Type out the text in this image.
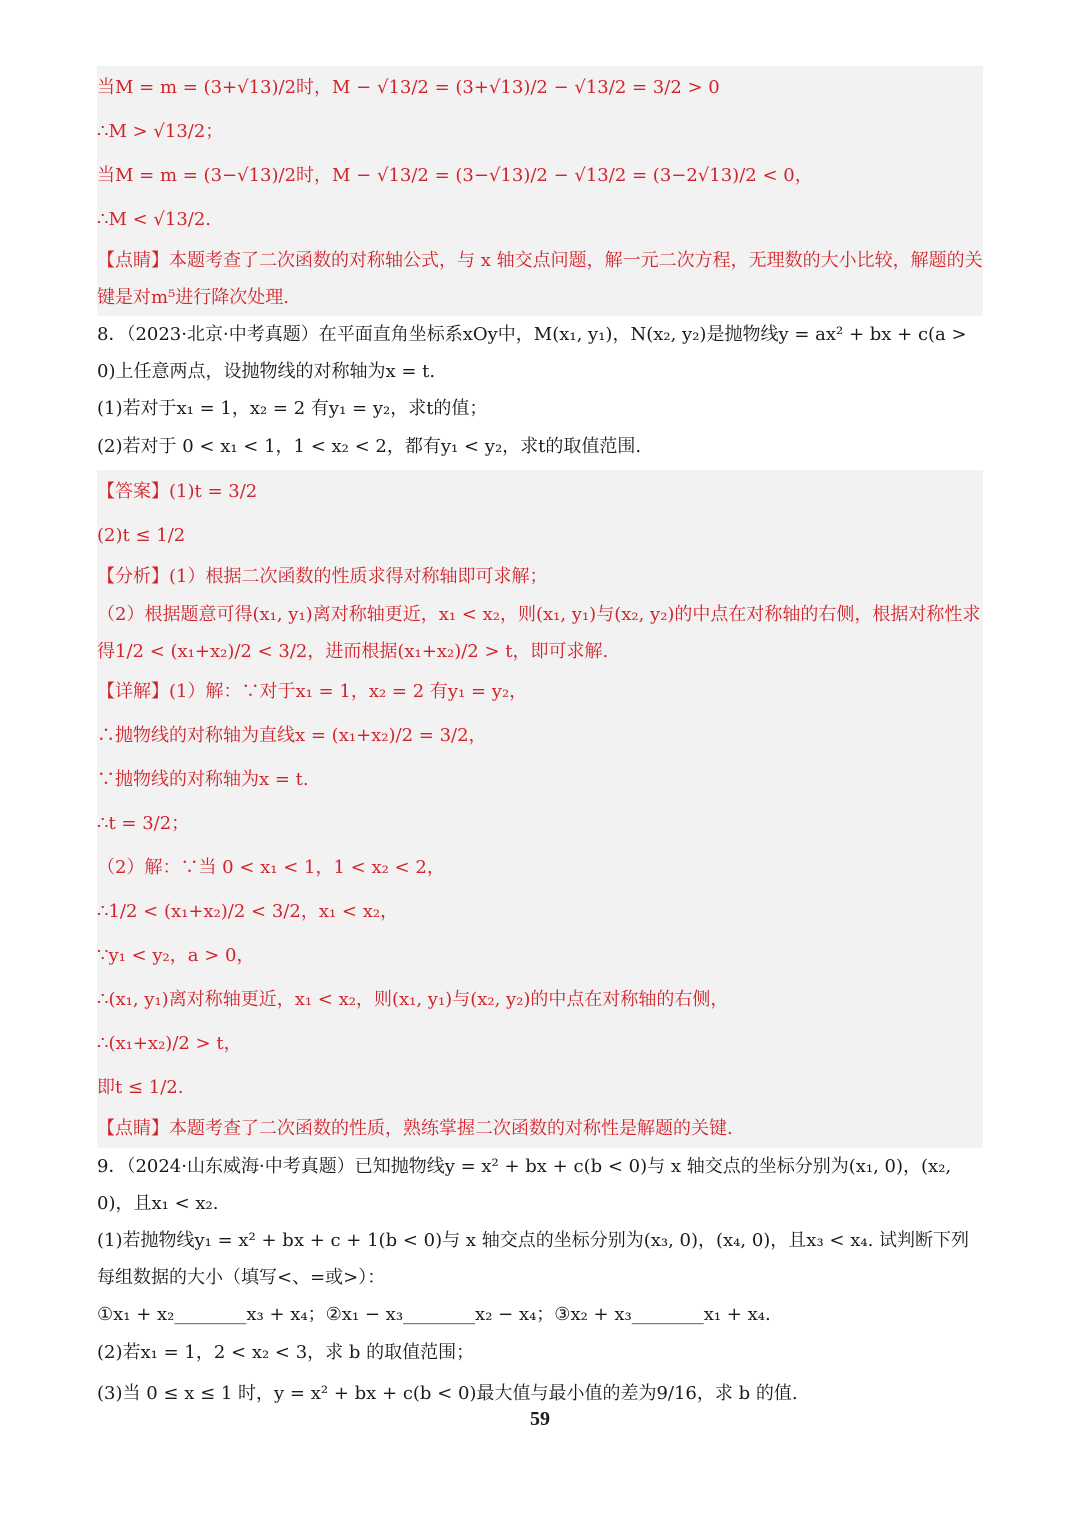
当M = m = (3+√13)/2时，M − √13/2 = (3+√13)/2 − √13/2 = 3/2 > 0
∴M > √13/2；
当M = m = (3−√13)/2时，M − √13/2 = (3−√13)/2 − √13/2 = (3−2√13)/2 < 0，
∴M < √13/2.
【点睛】本题考查了二次函数的对称轴公式，与 x 轴交点问题，解一元二次方程，无理数的大小比较，解题的关键是对m⁵进行降次处理.
8．（2023·北京·中考真题）在平面直角坐标系xOy中，M(x₁, y₁)，N(x₂, y₂)是抛物线y = ax² + bx + c(a > 0)上任意两点，设抛物线的对称轴为x = t.
(1)若对于x₁ = 1，x₂ = 2 有y₁ = y₂，求t的值；
(2)若对于 0 < x₁ < 1，1 < x₂ < 2，都有y₁ < y₂，求t的取值范围.
【答案】(1)t = 3/2
(2)t ≤ 1/2
【分析】(1）根据二次函数的性质求得对称轴即可求解；
（2）根据题意可得(x₁, y₁)离对称轴更近，x₁ < x₂，则(x₁, y₁)与(x₂, y₂)的中点在对称轴的右侧，根据对称性求得1/2 < (x₁+x₂)/2 < 3/2，进而根据(x₁+x₂)/2 > t，即可求解.
【详解】(1）解：∵对于x₁ = 1，x₂ = 2 有y₁ = y₂，
∴抛物线的对称轴为直线x = (x₁+x₂)/2 = 3/2，
∵抛物线的对称轴为x = t.
∴t = 3/2；
（2）解：∵当 0 < x₁ < 1，1 < x₂ < 2，
∴1/2 < (x₁+x₂)/2 < 3/2，x₁ < x₂，
∵y₁ < y₂，a > 0，
∴(x₁, y₁)离对称轴更近，x₁ < x₂，则(x₁, y₁)与(x₂, y₂)的中点在对称轴的右侧，
∴(x₁+x₂)/2 > t，
即t ≤ 1/2.
【点睛】本题考查了二次函数的性质，熟练掌握二次函数的对称性是解题的关键.
9．（2024·山东威海·中考真题）已知抛物线y = x² + bx + c(b < 0)与 x 轴交点的坐标分别为(x₁, 0)，(x₂, 0)，且x₁ < x₂.
(1)若抛物线y₁ = x² + bx + c + 1(b < 0)与 x 轴交点的坐标分别为(x₃, 0)，(x₄, 0)，且x₃ < x₄. 试判断下列每组数据的大小（填写<、=或>）：
①x₁ + x₂________x₃ + x₄；②x₁ − x₃________x₂ − x₄；③x₂ + x₃________x₁ + x₄.
(2)若x₁ = 1，2 < x₂ < 3，求 b 的取值范围；
(3)当 0 ≤ x ≤ 1 时，y = x² + bx + c(b < 0)最大值与最小值的差为9/16，求 b 的值.
59
